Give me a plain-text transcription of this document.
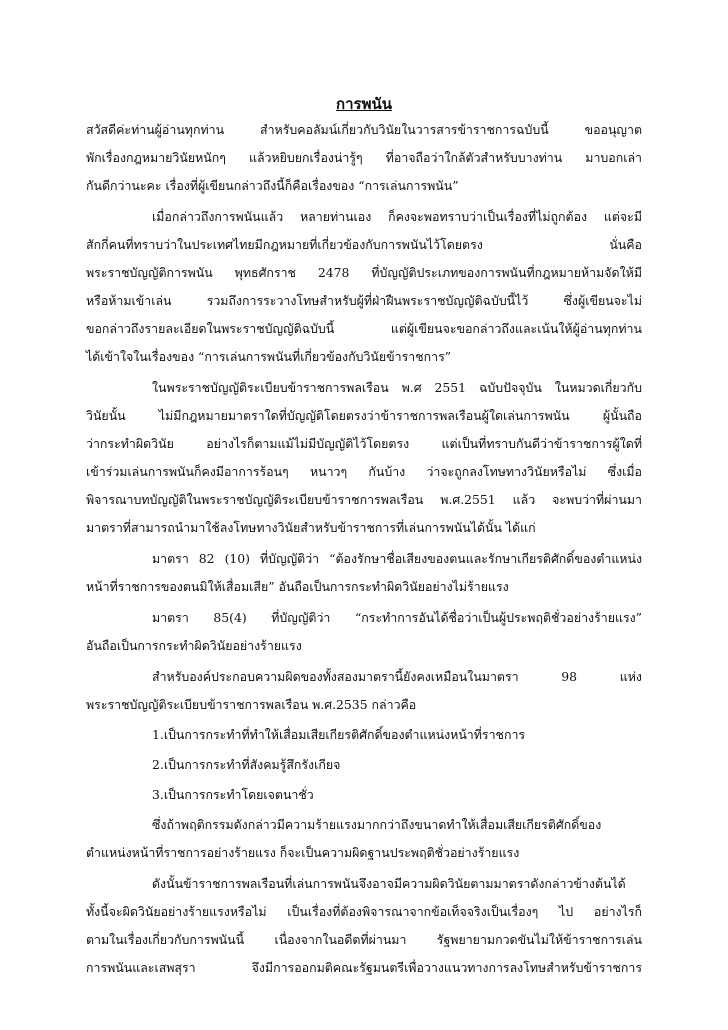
การพนัน
สวัสดีค่ะท่านผู้อ่านทุกท่าน สำหรับคอลัมน์เกี่ยวกับวินัยในวารสารข้าราชการฉบับนี้ ขออนุญาต
พักเรื่องกฎหมายวินัยหนักๆ แล้วหยิบยกเรื่องน่ารู้ๆ ที่อาจถือว่าใกล้ตัวสำหรับบางท่าน มาบอกเล่า
กันดีกว่านะคะ เรื่องที่ผู้เขียนกล่าวถึงนี้ก็คือเรื่องของ “การเล่นการพนัน”
เมื่อกล่าวถึงการพนันแล้ว หลายท่านเอง ก็คงจะพอทราบว่าเป็นเรื่องที่ไม่ถูกต้อง แต่จะมี
สักกี่คนที่ทราบว่าในประเทศไทยมีกฎหมายที่เกี่ยวข้องกับการพนันไว้โดยตรง นั่นคือ
พระราชบัญญัติการพนัน พุทธศักราช 2478 ที่บัญญัติประเภทของการพนันที่กฎหมายห้ามจัดให้มี
หรือห้ามเข้าเล่น รวมถึงการระวางโทษสำหรับผู้ที่ฝ่าฝืนพระราชบัญญัติฉบับนี้ไว้ ซึ่งผู้เขียนจะไม่
ขอกล่าวถึงรายละเอียดในพระราชบัญญัติฉบับนี้ แต่ผู้เขียนจะขอกล่าวถึงและเน้นให้ผู้อ่านทุกท่าน
ได้เข้าใจในเรื่องของ “การเล่นการพนันที่เกี่ยวข้องกับวินัยข้าราชการ”
ในพระราชบัญญัติระเบียบข้าราชการพลเรือน พ.ศ 2551 ฉบับปัจจุบัน ในหมวดเกี่ยวกับ
วินัยนั้น ไม่มีกฎหมายมาตราใดที่บัญญัติโดยตรงว่าข้าราชการพลเรือนผู้ใดเล่นการพนัน ผู้นั้นถือ
ว่ากระทำผิดวินัย อย่างไรก็ตามแม้ไม่มีบัญญัติไว้โดยตรง แต่เป็นที่ทราบกันดีว่าข้าราชการผู้ใดที่
เข้าร่วมเล่นการพนันก็คงมีอาการร้อนๆ หนาวๆ กันบ้าง ว่าจะถูกลงโทษทางวินัยหรือไม่ ซึ่งเมื่อ
พิจารณาบทบัญญัติในพระราชบัญญัติระเบียบข้าราชการพลเรือน พ.ศ.2551 แล้ว จะพบว่าที่ผ่านมา
มาตราที่สามารถนำมาใช้ลงโทษทางวินัยสำหรับข้าราชการที่เล่นการพนันได้นั้น ได้แก่
มาตรา 82 (10) ที่บัญญัติว่า “ต้องรักษาชื่อเสียงของตนและรักษาเกียรติศักดิ์ของตำแหน่ง
หน้าที่ราชการของตนมิให้เสื่อมเสีย” อันถือเป็นการกระทำผิดวินัยอย่างไม่ร้ายแรง
มาตรา 85(4) ที่บัญญัติว่า “กระทำการอันได้ชื่อว่าเป็นผู้ประพฤติชั่วอย่างร้ายแรง”
อันถือเป็นการกระทำผิดวินัยอย่างร้ายแรง
สำหรับองค์ประกอบความผิดของทั้งสองมาตรานี้ยังคงเหมือนในมาตรา 98 แห่ง
พระราชบัญญัติระเบียบข้าราชการพลเรือน พ.ศ.2535 กล่าวคือ
1.เป็นการกระทำที่ทำให้เสื่อมเสียเกียรติศักดิ์ของตำแหน่งหน้าที่ราชการ
2.เป็นการกระทำที่สังคมรู้สึกรังเกียจ
3.เป็นการกระทำโดยเจตนาชั่ว
ซึ่งถ้าพฤติกรรมดังกล่าวมีความร้ายแรงมากกว่าถึงขนาดทำให้เสื่อมเสียเกียรติศักดิ์ของ
ตำแหน่งหน้าที่ราชการอย่างร้ายแรง ก็จะเป็นความผิดฐานประพฤติชั่วอย่างร้ายแรง
ดังนั้นข้าราชการพลเรือนที่เล่นการพนันจึงอาจมีความผิดวินัยตามมาตราดังกล่าวข้างต้นได้
ทั้งนี้จะผิดวินัยอย่างร้ายแรงหรือไม่ เป็นเรื่องที่ต้องพิจารณาจากข้อเท็จจริงเป็นเรื่องๆ ไป อย่างไรก็
ตามในเรื่องเกี่ยวกับการพนันนี้ เนื่องจากในอดีตที่ผ่านมา รัฐพยายามกวดขันไม่ให้ข้าราชการเล่น
การพนันและเสพสุรา จึงมีการออกมติคณะรัฐมนตรีเพื่อวางแนวทางการลงโทษสำหรับข้าราชการ
